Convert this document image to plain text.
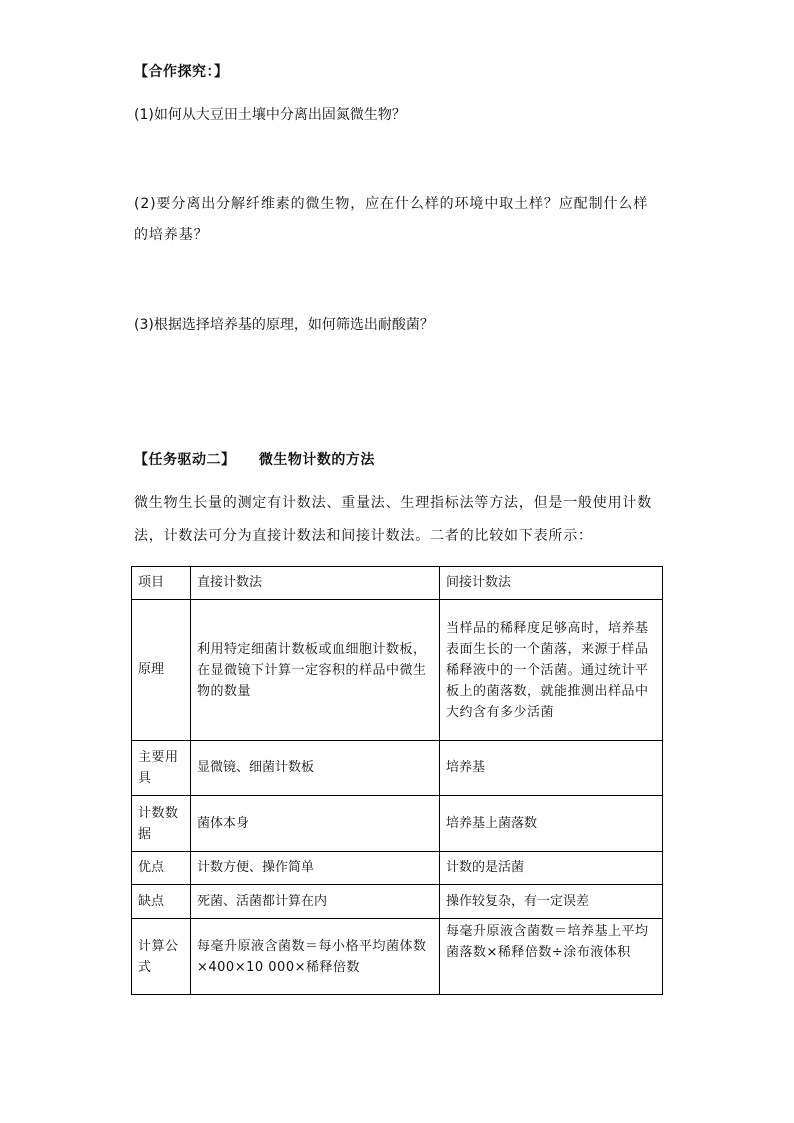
【合作探究：】
(1)如何从大豆田土壤中分离出固氮微生物？
(2)要分离出分解纤维素的微生物，应在什么样的环境中取土样？应配制什么样的培养基？
(3)根据选择培养基的原理，如何筛选出耐酸菌？
【任务驱动二】 微生物计数的方法
微生物生长量的测定有计数法、重量法、生理指标法等方法，但是一般使用计数法，计数法可分为直接计数法和间接计数法。二者的比较如下表所示：
项目	直接计数法	间接计数法
原理	利用特定细菌计数板或血细胞计数板，在显微镜下计算一定容积的样品中微生物的数量	当样品的稀释度足够高时，培养基表面生长的一个菌落，来源于样品稀释液中的一个活菌。通过统计平板上的菌落数，就能推测出样品中大约含有多少活菌
主要用具	显微镜、细菌计数板	培养基
计数数据	菌体本身	培养基上菌落数
优点	计数方便、操作简单	计数的是活菌
缺点	死菌、活菌都计算在内	操作较复杂，有一定误差
计算公式	每毫升原液含菌数＝每小格平均菌体数×400×10 000×稀释倍数	每毫升原液含菌数＝培养基上平均菌落数×稀释倍数÷涂布液体积
